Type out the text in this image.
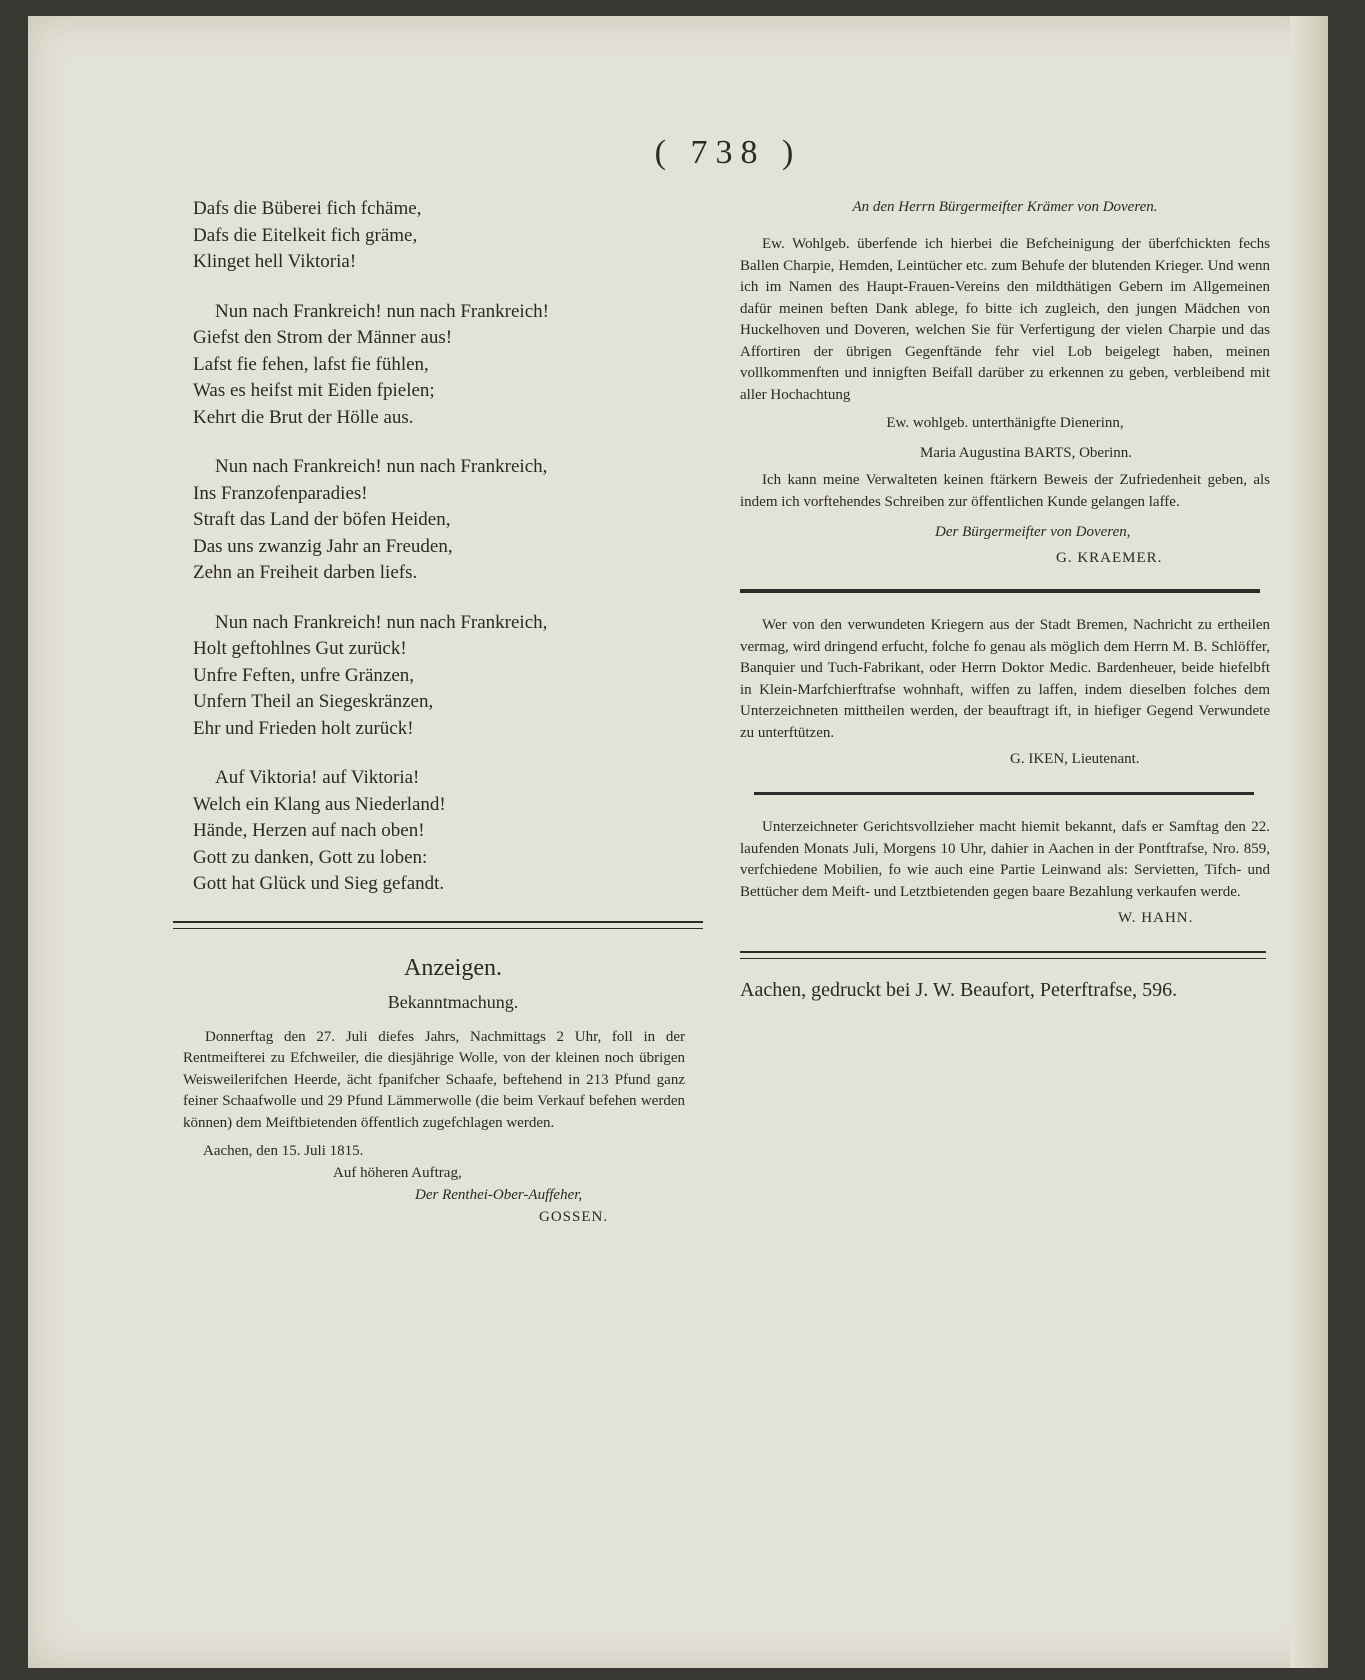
( 738 )
Dafs die Büberei fich fchäme,
Dafs die Eitelkeit fich gräme,
Klinget hell Viktoria!
Nun nach Frankreich! nun nach Frankreich!
Giefst den Strom der Männer aus!
Lafst fie fehen, lafst fie fühlen,
Was es heifst mit Eiden fpielen;
Kehrt die Brut der Hölle aus.
Nun nach Frankreich! nun nach Frankreich,
Ins Franzofenparadies!
Straft das Land der böfen Heiden,
Das uns zwanzig Jahr an Freuden,
Zehn an Freiheit darben liefs.
Nun nach Frankreich! nun nach Frankreich,
Holt geftohlnes Gut zurück!
Unfre Feften, unfre Gränzen,
Unfern Theil an Siegeskränzen,
Ehr und Frieden holt zurück!
Auf Viktoria! auf Viktoria!
Welch ein Klang aus Niederland!
Hände, Herzen auf nach oben!
Gott zu danken, Gott zu loben:
Gott hat Glück und Sieg gefandt.
Anzeigen.
Bekanntmachung.
Donnerftag den 27. Juli diefes Jahrs, Nachmittags 2 Uhr, foll in der Rentmeifterei zu Efchweiler, die diesjährige Wolle, von der kleinen noch übrigen Weisweilerifchen Heerde, ächt fpanifcher Schaafe, beftehend in 213 Pfund ganz feiner Schaafwolle und 29 Pfund Lämmerwolle (die beim Verkauf befehen werden können) dem Meiftbietenden öffentlich zugefchlagen werden.
Aachen, den 15. Juli 1815.
Auf höheren Auftrag,
Der Renthei-Ober-Auffeher,
GOSSEN.
An den Herrn Bürgermeifter Krämer von Doveren.
Ew. Wohlgeb. überfende ich hierbei die Befcheinigung der überfchickten fechs Ballen Charpie, Hemden, Leintücher etc. zum Behufe der blutenden Krieger. Und wenn ich im Namen des Haupt-Frauen-Vereins den mildthätigen Gebern im Allgemeinen dafür meinen beften Dank ablege, fo bitte ich zugleich, den jungen Mädchen von Huckelhoven und Doveren, welchen Sie für Verfertigung der vielen Charpie und das Affortiren der übrigen Gegenftände fehr viel Lob beigelegt haben, meinen vollkommenften und innigften Beifall darüber zu erkennen zu geben, verbleibend mit aller Hochachtung
Ew. wohlgeb. unterthänigfte Dienerinn,
Maria Augustina BARTS, Oberinn.
Ich kann meine Verwalteten keinen ftärkern Beweis der Zufriedenheit geben, als indem ich vorftehendes Schreiben zur öffentlichen Kunde gelangen laffe.
Der Bürgermeifter von Doveren,
G. KRAEMER.
Wer von den verwundeten Kriegern aus der Stadt Bremen, Nachricht zu ertheilen vermag, wird dringend erfucht, folche fo genau als möglich dem Herrn M. B. Schlöffer, Banquier und Tuch-Fabrikant, oder Herrn Doktor Medic. Bardenheuer, beide hiefelbft in Klein-Marfchierftrafse wohnhaft, wiffen zu laffen, indem dieselben folches dem Unterzeichneten mittheilen werden, der beauftragt ift, in hiefiger Gegend Verwundete zu unterftützen.
G. IKEN, Lieutenant.
Unterzeichneter Gerichtsvollzieher macht hiemit bekannt, dafs er Samftag den 22. laufenden Monats Juli, Morgens 10 Uhr, dahier in Aachen in der Pontftrafse, Nro. 859, verfchiedene Mobilien, fo wie auch eine Partie Leinwand als: Servietten, Tifch- und Bettücher dem Meift- und Letztbietenden gegen baare Bezahlung verkaufen werde.
W. HAHN.
Aachen, gedruckt bei J. W. Beaufort, Peterftrafse, 596.
